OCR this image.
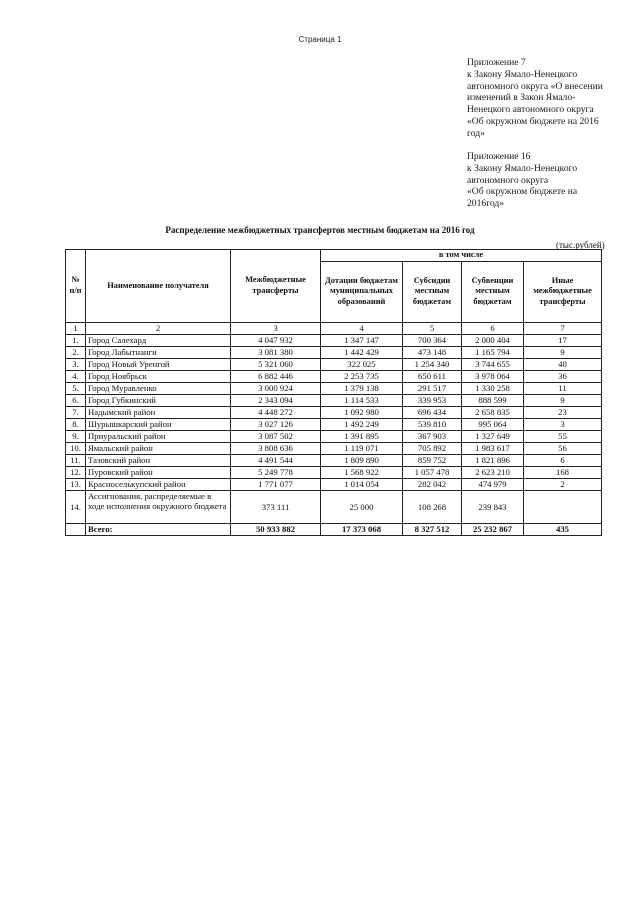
Страница 1
Приложение 7
к Закону Ямало-Ненецкого
автономного округа «О внесении
изменений в Закон Ямало-
Ненецкого автономного округа
«Об окружном бюджете на 2016
год»
Приложение 16
к Закону Ямало-Ненецкого
автономного округа
«Об окружном бюджете на
2016год»
Распределение межбюджетных трансфертов местным бюджетам на 2016 год
(тыс.рублей)
№ п/п	Наименование получателя	Межбюджетные трансферты	в том числе			
			Дотации бюджетам муниципальных образований	Субсидии местным бюджетам	Субвенции местным бюджетам	Иные межбюджетные трансферты
1	2	3	4	5	6	7
1.	Город Салехард	4 047 932	1 347 147	700 364	2 000 404	17
2.	Город Лабытнанги	3 081 380	1 442 429	473 148	1 165 794	9
3.	Город Новый Уренгой	5 321 060	322 025	1 254 340	3 744 655	40
4.	Город Ноябрьск	6 882 446	2 253 735	650 611	3 978 064	36
5.	Город Муравленко	3 000 924	1 379 138	291 517	1 330 258	11
6.	Город Губкинский	2 343 094	1 114 533	339 953	888 599	9
7.	Надымский район	4 448 272	1 092 980	696 434	2 658 835	23
8.	Шурышкарский район	3 027 126	1 492 249	539 810	995 064	3
9.	Приуральский район	3 087 502	1 391 895	367 903	1 327 649	55
10.	Ямальский район	3 808 636	1 119 071	705 892	1 983 617	56
11.	Тазовский район	4 491 544	1 809 890	859 752	1 821 896	6
12.	Пуровский район	5 249 778	1 568 922	1 057 478	2 623 210	168
13.	Красноселькупский район	1 771 077	1 014 054	282 042	474 979	2
14.	Ассигнования, распределяемые в ходе исполнения окружного бюджета	373 111	25 000	108 268	239 843	
	Всего:	50 933 882	17 373 068	8 327 512	25 232 867	435
